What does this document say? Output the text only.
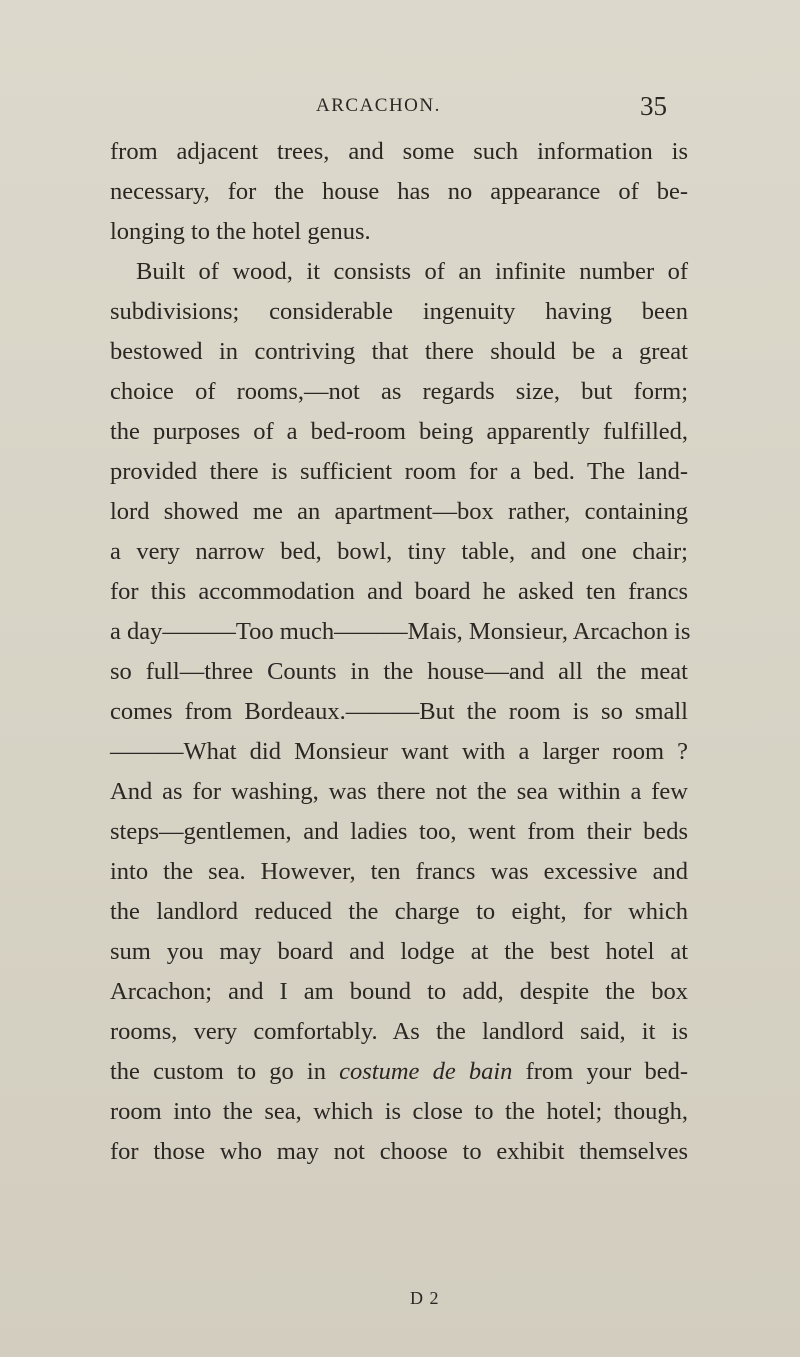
ARCACHON.	35
from adjacent trees, and some such information is
necessary, for the house has no appearance of be-
longing to the hotel genus.
Built of wood, it consists of an infinite number of
subdivisions; considerable ingenuity having been
bestowed in contriving that there should be a great
choice of rooms,—not as regards size, but form;
the purposes of a bed-room being apparently fulfilled,
provided there is sufficient room for a bed. The land-
lord showed me an apartment—box rather, containing
a very narrow bed, bowl, tiny table, and one chair;
for this accommodation and board he asked ten francs
a day———Too much———Mais, Monsieur, Arcachon is
so full—three Counts in the house—and all the meat
comes from Bordeaux.———But the room is so small
———What did Monsieur want with a larger room ?
And as for washing, was there not the sea within a few
steps—gentlemen, and ladies too, went from their beds
into the sea. However, ten francs was excessive and
the landlord reduced the charge to eight, for which
sum you may board and lodge at the best hotel at
Arcachon; and I am bound to add, despite the box
rooms, very comfortably. As the landlord said, it is
the custom to go in costume de bain from your bed-
room into the sea, which is close to the hotel; though,
for those who may not choose to exhibit themselves
D 2
